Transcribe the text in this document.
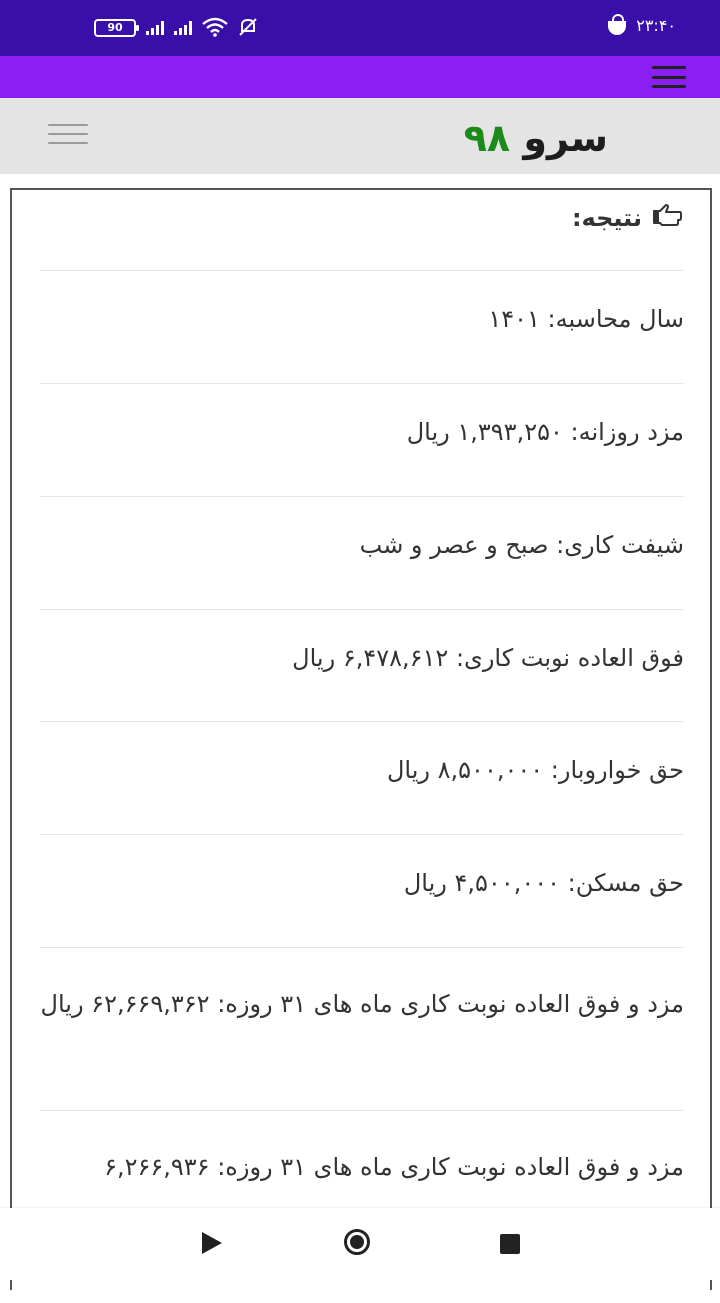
90	۲۳:۴۰
سرو ۹۸
نتیجه:
سال محاسبه: ۱۴۰۱
مزد روزانه: ۱,۳۹۳,۲۵۰ ریال
شیفت کاری: صبح و عصر و شب
فوق العاده نوبت کاری: ۶,۴۷۸,۶۱۲ ریال
حق خواروبار: ۸,۵۰۰,۰۰۰ ریال
حق مسکن: ۴,۵۰۰,۰۰۰ ریال
مزد و فوق العاده نوبت کاری ماه های ۳۱ روزه: ۶۲,۶۶۹,۳۶۲ ریال
مزد و فوق العاده نوبت کاری ماه های ۳۱ روزه: ۶,۲۶۶,۹۳۶
